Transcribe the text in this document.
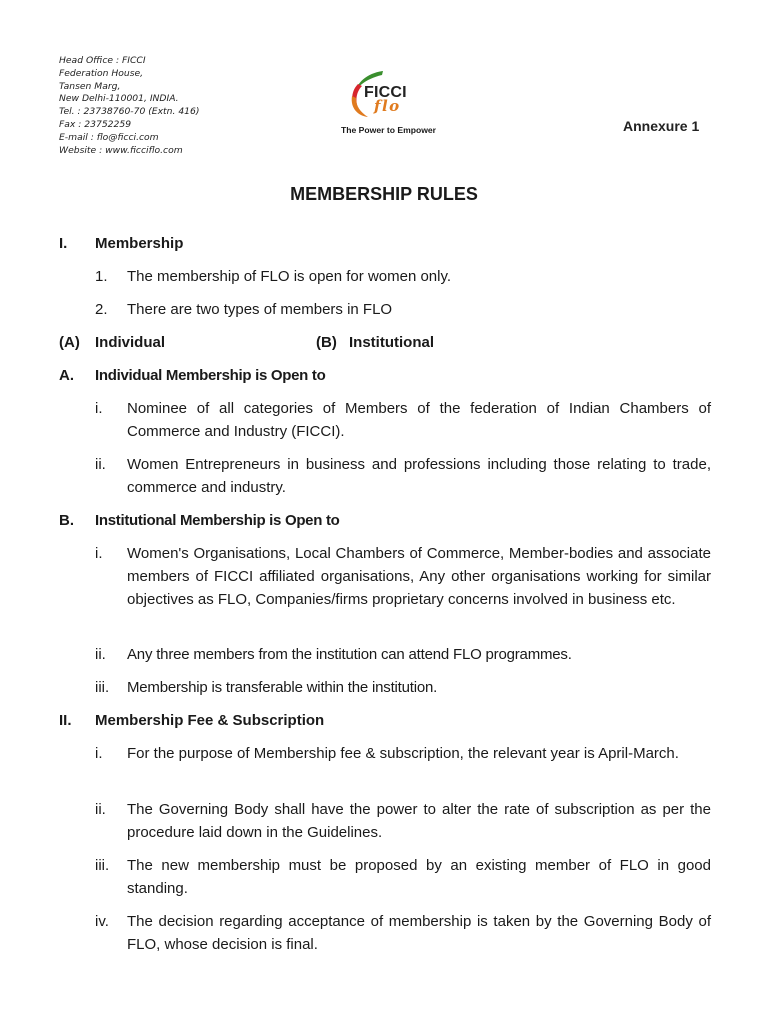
Head Office : FICCI
Federation House,
Tansen Marg,
New Delhi-110001, INDIA.
Tel. : 23738760-70 (Extn. 416)
Fax : 23752259
E-mail : flo@ficci.com
Website : www.ficciflo.com
FICCI
flo
The Power to Empower	Annexure 1
MEMBERSHIP RULES
I. Membership
1. The membership of FLO is open for women only.
2. There are two types of members in FLO
(A) Individual	(B) Institutional
A. Individual Membership is Open to
i. Nominee of all categories of Members of the federation of Indian Chambers of Commerce and Industry (FICCI).
ii. Women Entrepreneurs in business and professions including those relating to trade, commerce and industry.
B. Institutional Membership is Open to
i. Women's Organisations, Local Chambers of Commerce, Member-bodies and associate members of FICCI affiliated organisations, Any other organisations working for similar objectives as FLO, Companies/firms proprietary concerns involved in business etc.
ii. Any three members from the institution can attend FLO programmes.
iii. Membership is transferable within the institution.
II. Membership Fee & Subscription
i. For the purpose of Membership fee & subscription, the relevant year is April-March.
ii. The Governing Body shall have the power to alter the rate of subscription as per the procedure laid down in the Guidelines.
iii. The new membership must be proposed by an existing member of FLO in good standing.
iv. The decision regarding acceptance of membership is taken by the Governing Body of FLO, whose decision is final.
